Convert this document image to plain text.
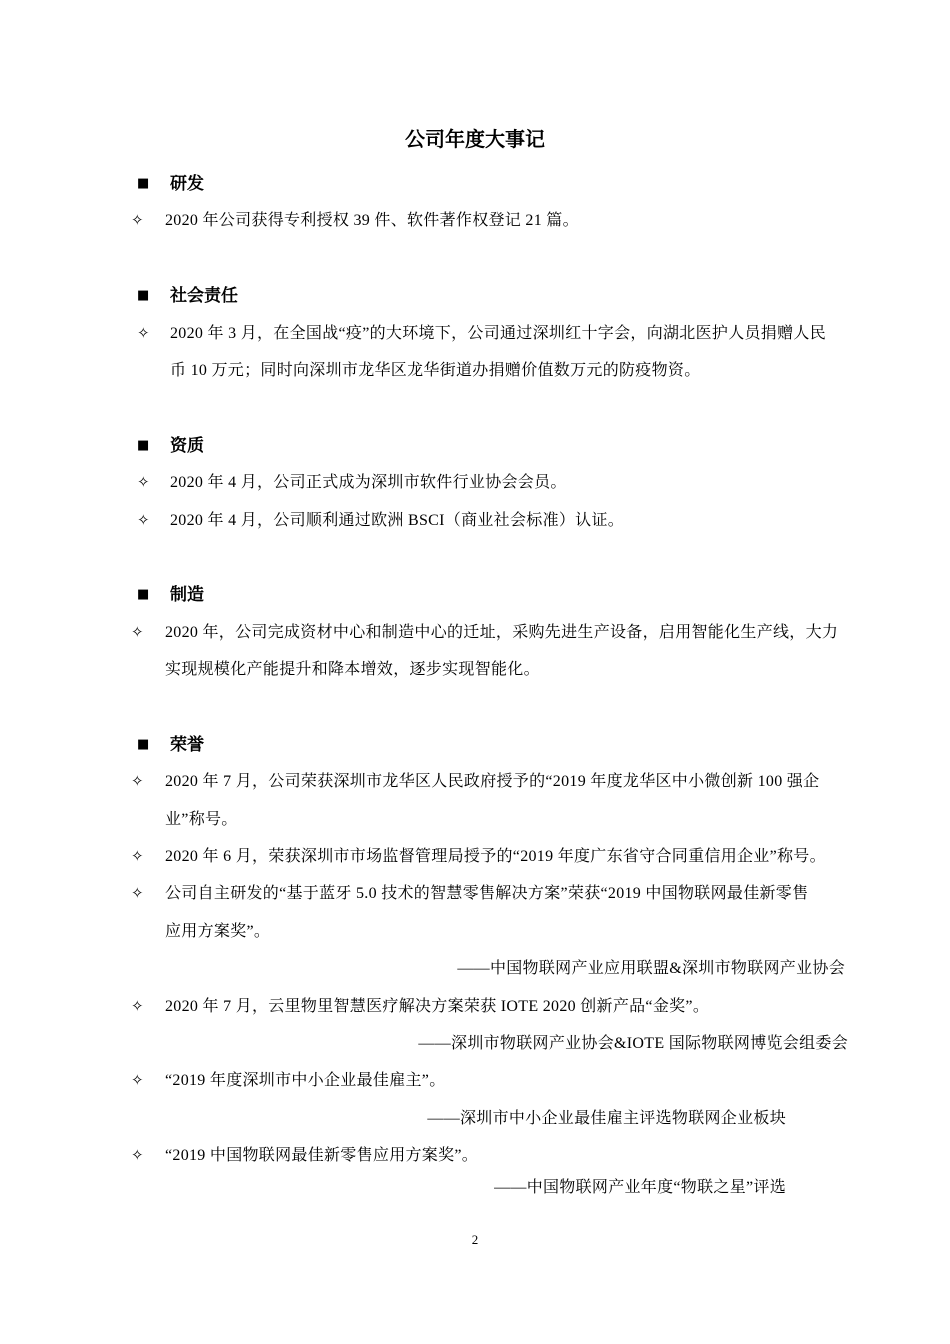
公司年度大事记
■ 研发
✧	2020 年公司获得专利授权 39 件、软件著作权登记 21 篇。
■ 社会责任
✧	2020 年 3 月，在全国战“疫”的大环境下，公司通过深圳红十字会，向湖北医护人员捐赠人民
币 10 万元；同时向深圳市龙华区龙华街道办捐赠价值数万元的防疫物资。
■ 资质
✧	2020 年 4 月，公司正式成为深圳市软件行业协会会员。
✧	2020 年 4 月，公司顺利通过欧洲 BSCI（商业社会标准）认证。
■ 制造
✧	2020 年，公司完成资材中心和制造中心的迁址，采购先进生产设备，启用智能化生产线，大力
实现规模化产能提升和降本增效，逐步实现智能化。
■ 荣誉
✧	2020 年 7 月，公司荣获深圳市龙华区人民政府授予的“2019 年度龙华区中小微创新 100 强企
业”称号。
✧	2020 年 6 月，荣获深圳市市场监督管理局授予的“2019 年度广东省守合同重信用企业”称号。
✧	公司自主研发的“基于蓝牙 5.0 技术的智慧零售解决方案”荣获“2019 中国物联网最佳新零售
应用方案奖”。
——中国物联网产业应用联盟&深圳市物联网产业协会
✧	2020 年 7 月，云里物里智慧医疗解决方案荣获 IOTE 2020 创新产品“金奖”。
——深圳市物联网产业协会&IOTE 国际物联网博览会组委会
✧	“2019 年度深圳市中小企业最佳雇主”。
——深圳市中小企业最佳雇主评选物联网企业板块
✧	“2019 中国物联网最佳新零售应用方案奖”。
——中国物联网产业年度“物联之星”评选
2
